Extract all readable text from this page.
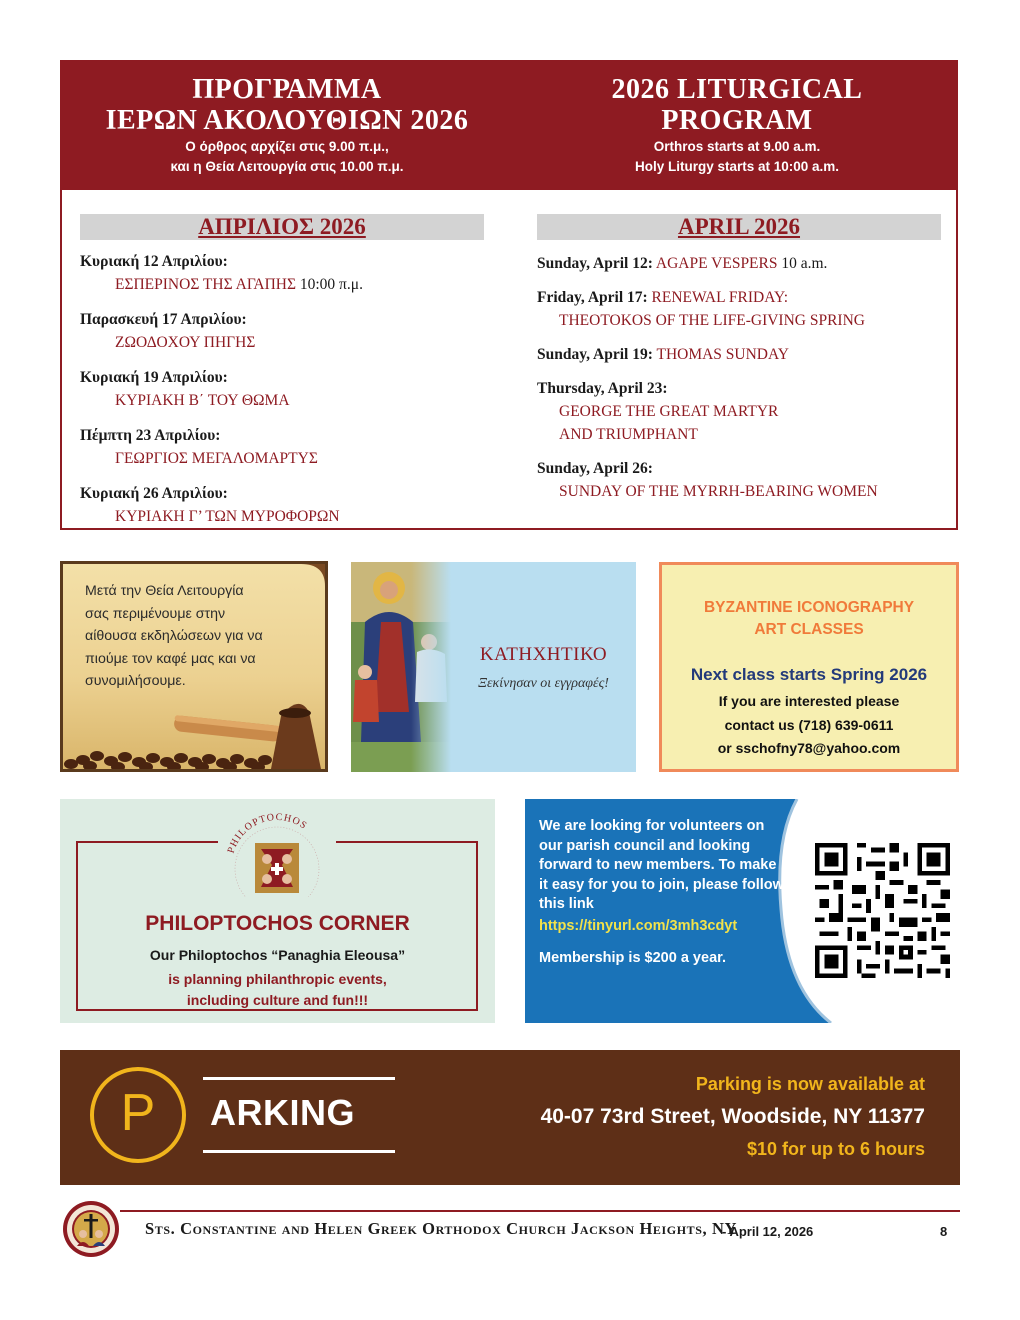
ΠΡΟΓΡΑΜΜΑ
ΙΕΡΩΝ ΑΚΟΛΟΥΘΙΩΝ 2026
Ο όρθρος αρχίζει στις 9.00 π.μ.,
και η Θεία Λειτουργία στις 10.00 π.μ.
2026 LITURGICAL
PROGRAM
Orthros starts at 9.00 a.m.
Holy Liturgy starts at 10:00 a.m.
ΑΠΡΙΛΙΟΣ 2026	APRIL 2026
Κυριακή 12 Απριλίου:
ΕΣΠΕΡΙΝΟΣ ΤΗΣ ΑΓΑΠΗΣ 10:00 π.μ.
Παρασκευή 17 Απριλίου:
ΖΩΟΔΟΧΟΥ ΠΗΓΗΣ
Κυριακή 19 Απριλίου:
ΚΥΡΙΑΚΗ Β΄ ΤΟΥ ΘΩΜΑ
Πέμπτη 23 Απριλίου:
ΓΕΩΡΓΙΟΣ ΜΕΓΑΛΟΜΑΡΤΥΣ
Κυριακή 26 Απριλίου:
ΚΥΡΙΑΚΗ Γ’ ΤΩΝ ΜΥΡΟΦΟΡΩΝ
Sunday, April 12: AGAPE VESPERS 10 a.m.
Friday, April 17: RENEWAL FRIDAY:
THEOTOKOS OF THE LIFE-GIVING SPRING
Sunday, April 19: THOMAS SUNDAY
Thursday, April 23:
GEORGE THE GREAT MARTYR
AND TRIUMPHANT
Sunday, April 26:
SUNDAY OF THE MYRRH-BEARING WOMEN
Μετά την Θεία Λειτουργία
σας περιμένουμε στην
αίθουσα εκδηλώσεων για να
πιούμε τον καφέ μας και να
συνομιλήσουμε.
ΚΑΤΗΧΗΤΙΚΟ
Ξεκίνησαν οι εγγραφές!
BYZANTINE ICONOGRAPHY
ART CLASSES
Next class starts Spring 2026
If you are interested please
contact us (718) 639-0611
or sschofny78@yahoo.com
PHILOPTOCHOS
PHILOPTOCHOS CORNER
Our Philoptochos “Panaghia Eleousa”
is planning philanthropic events,
including culture and fun!!!
We are looking for volunteers on our parish council and looking forward to new members. To make it easy for you to join, please follow this link
https://tinyurl.com/3mh3cdyt
Membership is $200 a year.
P	ARKING
Parking is now available at
40-07 73rd Street, Woodside, NY 11377
$10 for up to 6 hours
Sts. Constantine and Helen Greek Orthodox Church Jackson Heights, NY
- April 12, 2026	8
